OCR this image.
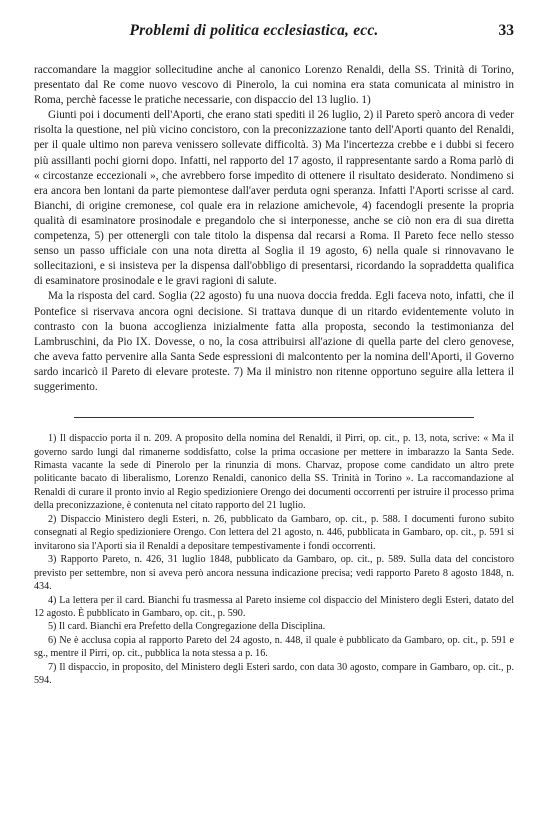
Problemi di politica ecclesiastica, ecc.	33

raccomandare la maggior sollecitudine anche al canonico Lorenzo Renaldi, della SS. Trinità di Torino, presentato dal Re come nuovo vescovo di Pinerolo, la cui nomina era stata comunicata al ministro in Roma, perchè facesse le pratiche necessarie, con dispaccio del 13 luglio. 1)

Giunti poi i documenti dell'Aporti, che erano stati spediti il 26 luglio, 2) il Pareto sperò ancora di veder risolta la questione, nel più vicino concistoro, con la preconizzazione tanto dell'Aporti quanto del Renaldi, per il quale ultimo non pareva venissero sollevate difficoltà. 3) Ma l'incertezza crebbe e i dubbi si fecero più assillanti pochi giorni dopo. Infatti, nel rapporto del 17 agosto, il rappresentante sardo a Roma parlò di « circostanze eccezionali », che avrebbero forse impedito di ottenere il risultato desiderato. Nondimeno si era ancora ben lontani da parte piemontese dall'aver perduta ogni speranza. Infatti l'Aporti scrisse al card. Bianchi, di origine cremonese, col quale era in relazione amichevole, 4) facendogli presente la propria qualità di esaminatore prosinodale e pregandolo che si interponesse, anche se ciò non era di sua diretta competenza, 5) per ottenergli con tale titolo la dispensa dal recarsi a Roma. Il Pareto fece nello stesso senso un passo ufficiale con una nota diretta al Soglia il 19 agosto, 6) nella quale si rinnovavano le sollecitazioni, e si insisteva per la dispensa dall'obbligo di presentarsi, ricordando la sopraddetta qualifica di esaminatore prosinodale e le gravi ragioni di salute.

Ma la risposta del card. Soglia (22 agosto) fu una nuova doccia fredda. Egli faceva noto, infatti, che il Pontefice si riservava ancora ogni decisione. Si trattava dunque di un ritardo evidentemente voluto in contrasto con la buona accoglienza inizialmente fatta alla proposta, secondo la testimonianza del Lambruschini, da Pio IX. Dovesse, o no, la cosa attribuirsi all'azione di quella parte del clero genovese, che aveva fatto pervenire alla Santa Sede espressioni di malcontento per la nomina dell'Aporti, il Governo sardo incaricò il Pareto di elevare proteste. 7) Ma il ministro non ritenne opportuno seguire alla lettera il suggerimento.

1) Il dispaccio porta il n. 209. A proposito della nomina del Renaldi, il Pirri, op. cit., p. 13, nota, scrive: « Ma il governo sardo lungi dal rimanerne soddisfatto, colse la prima occasione per mettere in imbarazzo la Santa Sede. Rimasta vacante la sede di Pinerolo per la rinunzia di mons. Charvaz, propose come candidato un altro prete politicante bacato di liberalismo, Lorenzo Renaldi, canonico della SS. Trinità in Torino ». La raccomandazione al Renaldi di curare il pronto invio al Regio spedizioniere Orengo dei documenti occorrenti per istruire il processo prima della preconizzazione, è contenuta nel citato rapporto del 21 luglio.

2) Dispaccio Ministero degli Esteri, n. 26, pubblicato da Gambaro, op. cit., p. 588. I documenti furono subito consegnati al Regio spedizioniere Orengo. Con lettera del 21 agosto, n. 446, pubblicata in Gambaro, op. cit., p. 591 si invitarono sia l'Aporti sia il Renaldi a depositare tempestivamente i fondi occorrenti.

3) Rapporto Pareto, n. 426, 31 luglio 1848, pubblicato da Gambaro, op. cit., p. 589. Sulla data del concistoro previsto per settembre, non si aveva però ancora nessuna indicazione precisa; vedi rapporto Pareto 8 agosto 1848, n. 434.

4) La lettera per il card. Bianchi fu trasmessa al Pareto insieme col dispaccio del Ministero degli Esteri, datato del 12 agosto. È pubblicato in Gambaro, op. cit., p. 590.

5) Il card. Bianchi era Prefetto della Congregazione della Disciplina.

6) Ne è acclusa copia al rapporto Pareto del 24 agosto, n. 448, il quale è pubblicato da Gambaro, op. cit., p. 591 e sg., mentre il Pirri, op. cit., pubblica la nota stessa a p. 16.

7) Il dispaccio, in proposito, del Ministero degli Esteri sardo, con data 30 agosto, compare in Gambaro, op. cit., p. 594.
